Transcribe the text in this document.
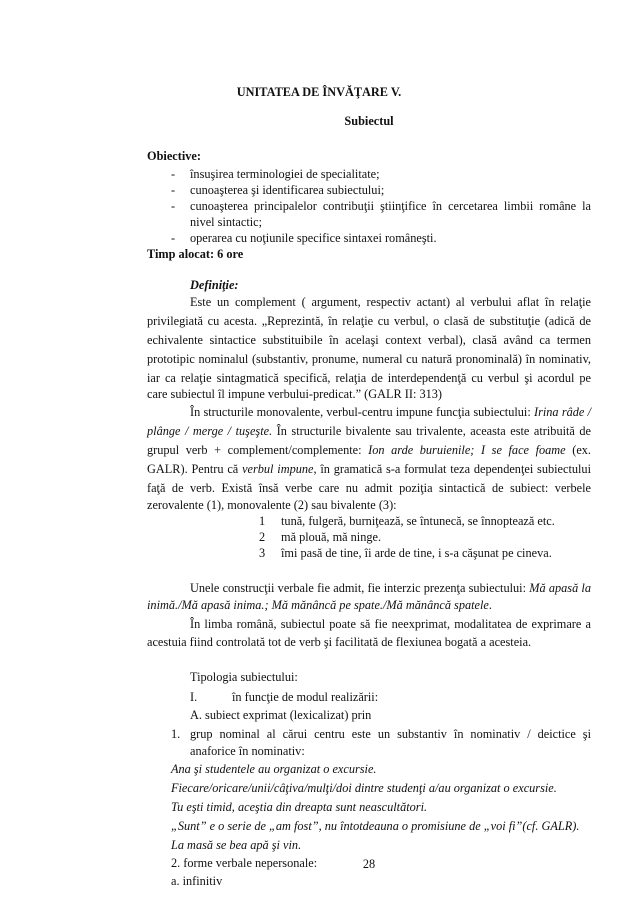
UNITATEA DE ÎNVĂŢARE V.
Subiectul
Obiective:
- însuşirea terminologiei de specialitate;
- cunoaşterea şi identificarea subiectului;
- cunoaşterea principalelor contribuţii ştiinţifice în cercetarea limbii române la
nivel sintactic;
- operarea cu noţiunile specifice sintaxei româneşti.
Timp alocat: 6 ore
Definiţie:
Este un complement ( argument, respectiv actant) al verbului aflat în relaţie
privilegiată cu acesta. „Reprezintă, în relaţie cu verbul, o clasă de substituţie (adică de
echivalente sintactice substituibile în acelaşi context verbal), clasă având ca termen
prototipic nominalul (substantiv, pronume, numeral cu natură pronominală) în nominativ,
iar ca relaţie sintagmatică specifică, relaţia de interdependenţă cu verbul şi acordul pe
care subiectul îl impune verbului-predicat.” (GALR II: 313)
În structurile monovalente, verbul-centru impune funcţia subiectului: Irina râde /
plânge / merge / tuşeşte. În structurile bivalente sau trivalente, aceasta este atribuită de
grupul verb + complement/complemente: Ion arde buruienile; I se face foame (ex.
GALR). Pentru că verbul impune, în gramatică s-a formulat teza dependenţei subiectului
faţă de verb. Există însă verbe care nu admit poziţia sintactică de subiect: verbele
zerovalente (1), monovalente (2) sau bivalente (3):
1 tună, fulgeră, burniţează, se întunecă, se înnoptează etc.
2 mă plouă, mă ninge.
3 îmi pasă de tine, îi arde de tine, i s-a căşunat pe cineva.
Unele construcţii verbale fie admit, fie interzic prezenţa subiectului: Mă apasă la
inimă./Mă apasă inima.; Mă mănâncă pe spate./Mă mănâncă spatele.
În limba română, subiectul poate să fie neexprimat, modalitatea de exprimare a
acestuia fiind controlată tot de verb şi facilitată de flexiunea bogată a acesteia.
Tipologia subiectului:
I.	în funcţie de modul realizării:
A. subiect exprimat (lexicalizat) prin
1. grup nominal al cărui centru este un substantiv în nominativ / deictice şi
anaforice în nominativ:
Ana şi studentele au organizat o excursie.
Fiecare/oricare/unii/câţiva/mulţi/doi dintre studenţi a/au organizat o excursie.
Tu eşti timid, aceştia din dreapta sunt neascultători.
„Sunt” e o serie de „am fost”, nu întotdeauna o promisiune de „voi fi”(cf. GALR).
La masă se bea apă şi vin.
2. forme verbale nepersonale:
a. infinitiv
28
